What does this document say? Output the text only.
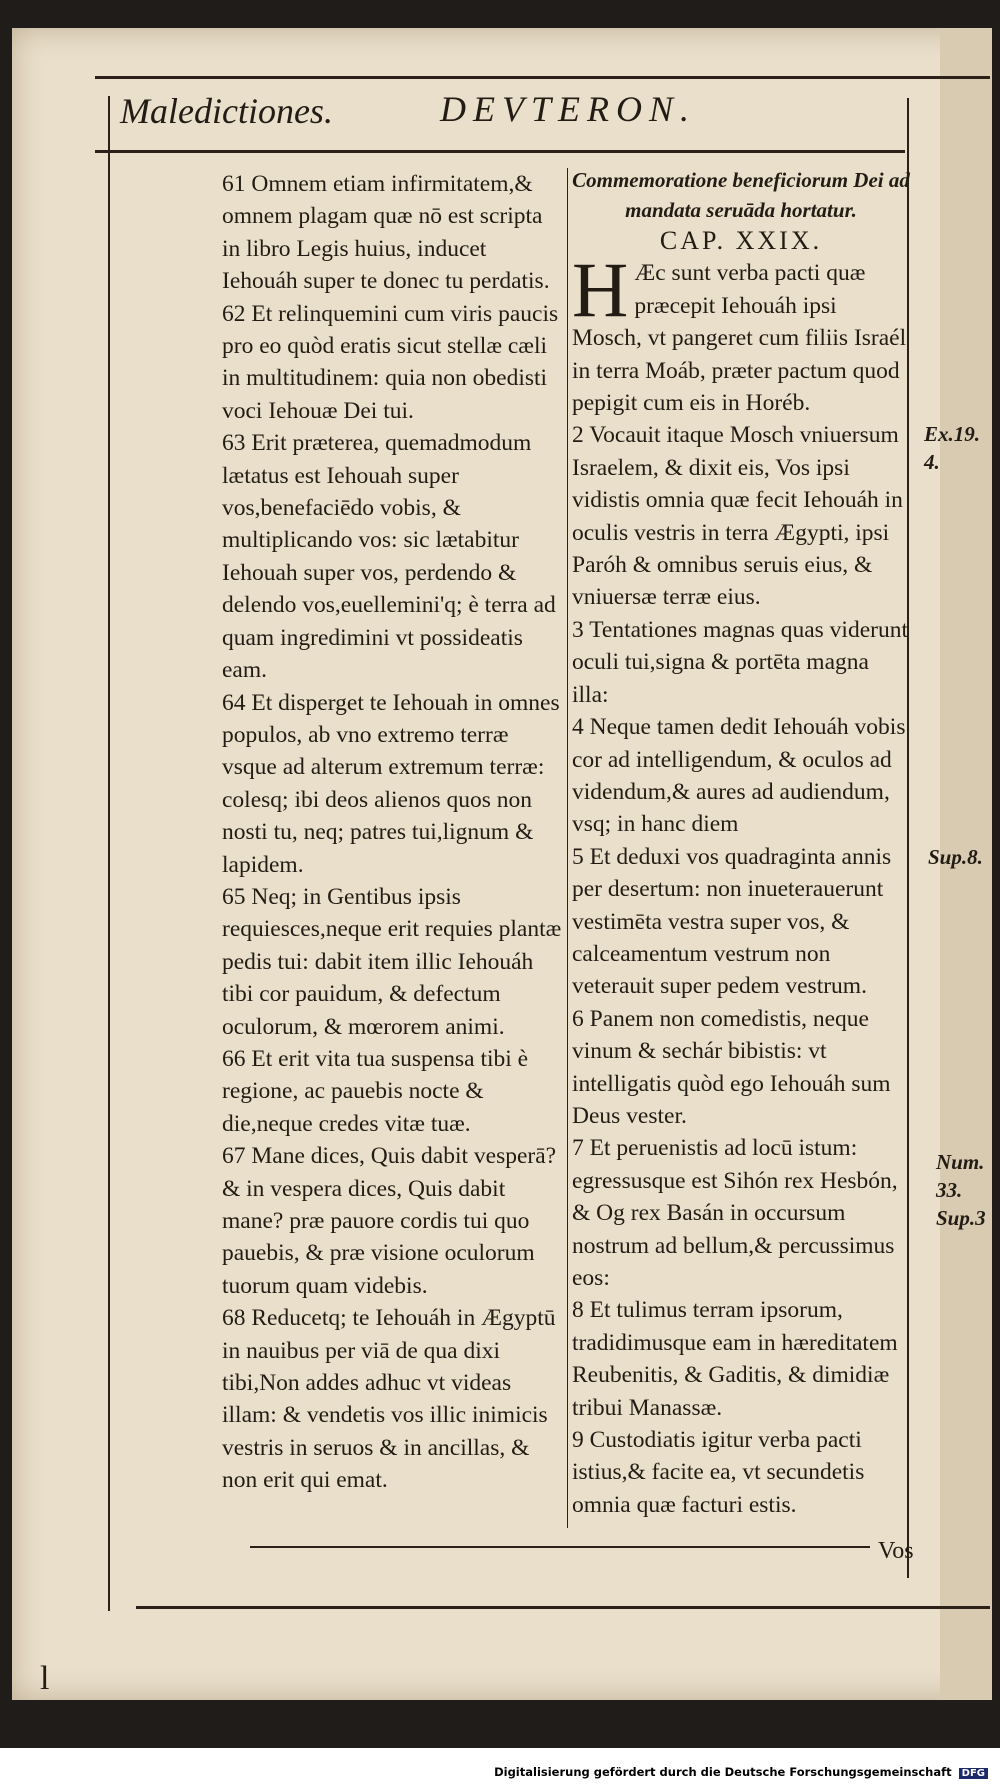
Maledictiones.	DEVTERON.

61 Omnem etiam infirmitatem,& omnem plagam quæ nō est scripta in libro Legis huius, inducet Iehouáh super te donec tu perdatis.

62 Et relinquemini cum viris paucis pro eo quòd eratis sicut stellæ cæli in multitudinem: quia non obedisti voci Iehouæ Dei tui.

63 Erit præterea, quemadmodum lætatus est Iehouah super vos,benefaciēdo vobis, & multiplicando vos: sic lætabitur Iehouah super vos, perdendo & delendo vos,euellemini'q; è terra ad quam ingredimini vt possideatis eam.

64 Et disperget te Iehouah in omnes populos, ab vno extremo terræ vsque ad alterum extremum terræ: colesq; ibi deos alienos quos non nosti tu, neq; patres tui,lignum & lapidem.

65 Neq; in Gentibus ipsis requiesces,neque erit requies plantæ pedis tui: dabit item illic Iehouáh tibi cor pauidum, & defectum oculorum, & mœrorem animi.

66 Et erit vita tua suspensa tibi è regione, ac pauebis nocte & die,neque credes vitæ tuæ.

67 Mane dices, Quis dabit vesperā? & in vespera dices, Quis dabit mane? præ pauore cordis tui quo pauebis, & præ visione oculorum tuorum quam videbis.

68 Reducetq; te Iehouáh in Ægyptū in nauibus per viā de qua dixi tibi,Non addes adhuc vt videas illam: & vendetis vos illic inimicis vestris in seruos & in ancillas, & non erit qui emat.

Commemoratione beneficiorum Dei ad mandata seruāda hortatur.

CAP. XXIX.

H Æc sunt verba pacti quæ præcepit Iehouáh ipsi Mosch, vt pangeret cum filiis Israél in terra Moáb, præter pactum quod pepigit cum eis in Horéb.

2 Vocauit itaque Mosch vniuersum Israelem, & dixit eis, Vos ipsi vidistis omnia quæ fecit Iehouáh in oculis vestris in terra Ægypti, ipsi Paróh & omnibus seruis eius, & vniuersæ terræ eius.

3 Tentationes magnas quas viderunt oculi tui,signa & portēta magna illa:

4 Neque tamen dedit Iehouáh vobis cor ad intelligendum, & oculos ad videndum,& aures ad audiendum, vsq; in hanc diem

5 Et deduxi vos quadraginta annis per desertum: non inueterauerunt vestimēta vestra super vos, & calceamentum vestrum non veterauit super pedem vestrum.

6 Panem non comedistis, neque vinum & sechár bibistis: vt intelligatis quòd ego Iehouáh sum Deus vester.

7 Et peruenistis ad locū istum: egressusque est Sihón rex Hesbón, & Og rex Basán in occursum nostrum ad bellum,& percussimus eos:

8 Et tulimus terram ipsorum, tradidimusque eam in hæreditatem Reubenitis, & Gaditis, & dimidiæ tribui Manassæ.

9 Custodiatis igitur verba pacti istius,& facite ea, vt secundetis omnia quæ facturi estis.

Ex.19.
4.
Sup.8.
Num.
33.
Sup.3
Vos
l
Digitalisierung gefördert durch die Deutsche Forschungsgemeinschaft DFG
